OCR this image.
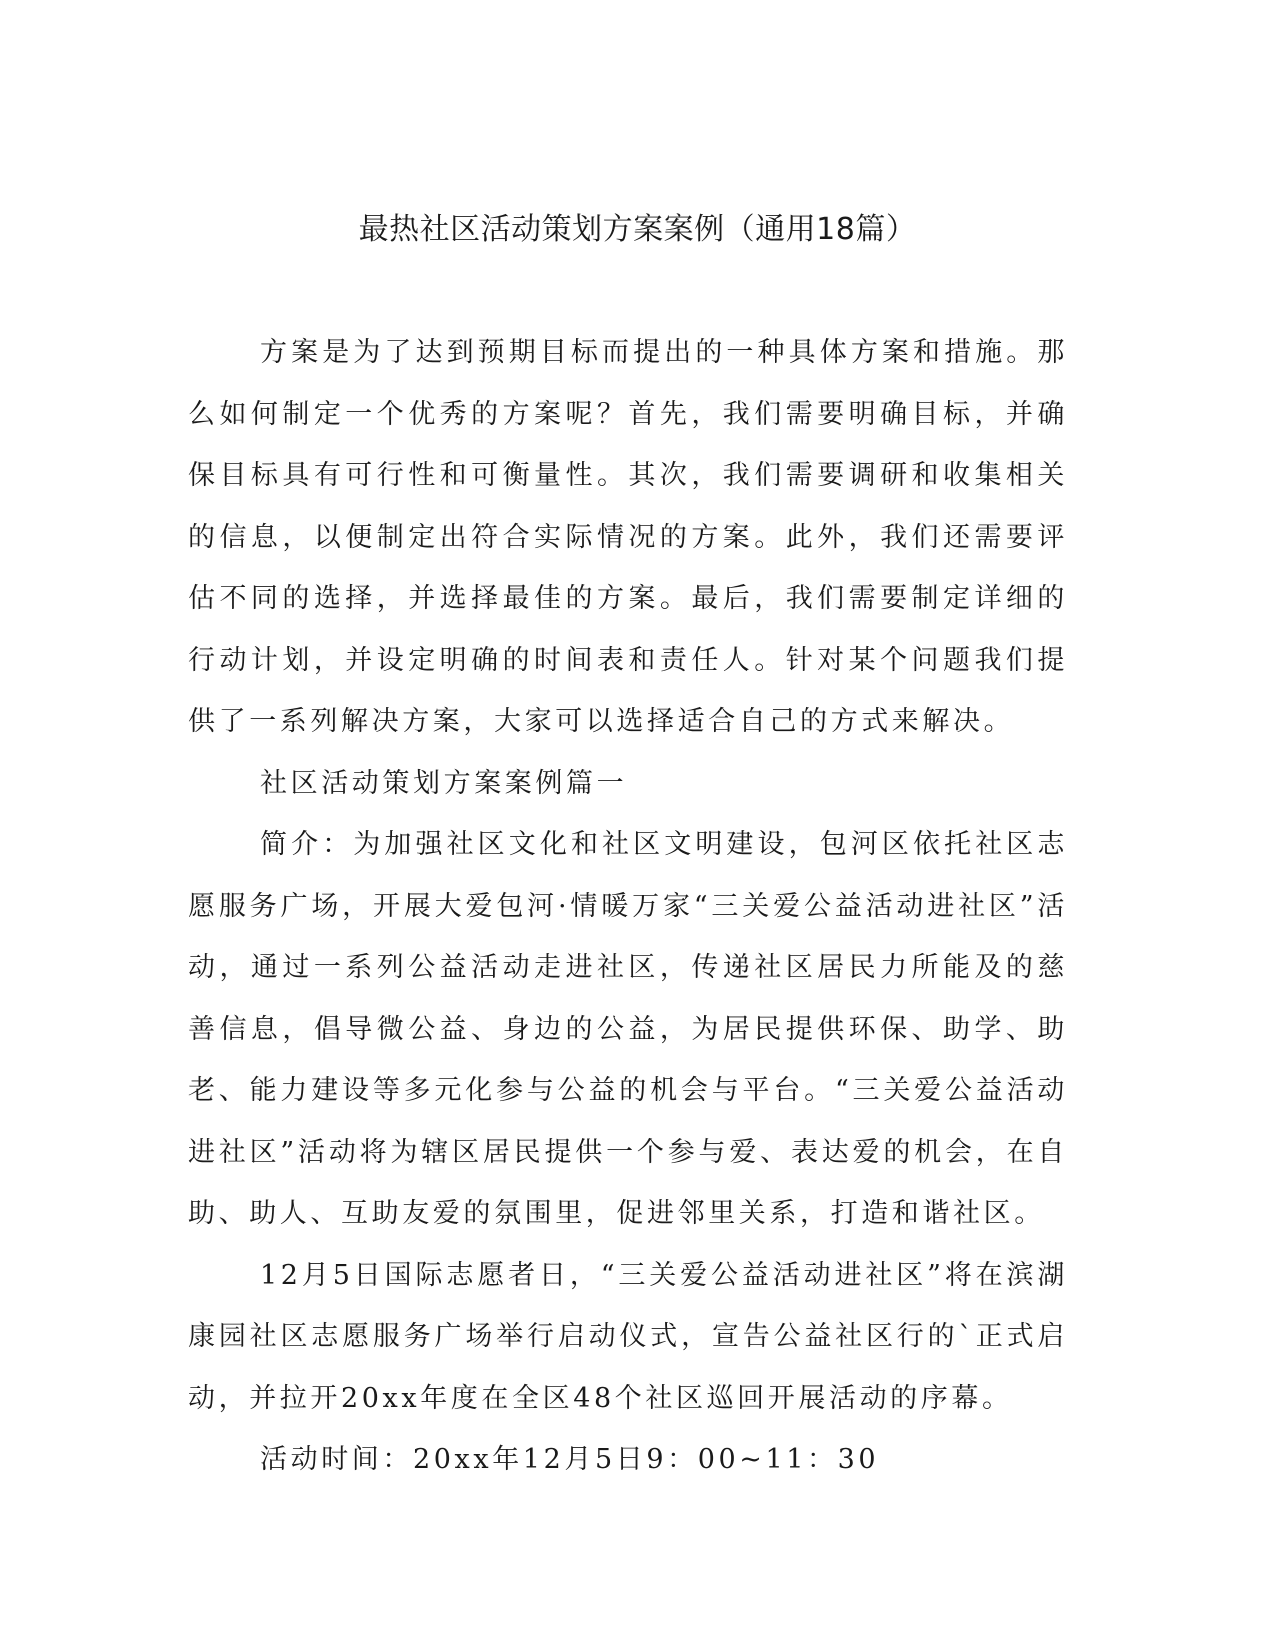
最热社区活动策划方案案例（通用18篇）

方案是为了达到预期目标而提出的一种具体方案和措施。那么如何制定一个优秀的方案呢？首先，我们需要明确目标，并确保目标具有可行性和可衡量性。其次，我们需要调研和收集相关的信息，以便制定出符合实际情况的方案。此外，我们还需要评估不同的选择，并选择最佳的方案。最后，我们需要制定详细的行动计划，并设定明确的时间表和责任人。针对某个问题我们提供了一系列解决方案，大家可以选择适合自己的方式来解决。

社区活动策划方案案例篇一

简介：为加强社区文化和社区文明建设，包河区依托社区志愿服务广场，开展大爱包河·情暖万家“三关爱公益活动进社区”活动，通过一系列公益活动走进社区，传递社区居民力所能及的慈善信息，倡导微公益、身边的公益，为居民提供环保、助学、助老、能力建设等多元化参与公益的机会与平台。“三关爱公益活动进社区”活动将为辖区居民提供一个参与爱、表达爱的机会，在自助、助人、互助友爱的氛围里，促进邻里关系，打造和谐社区。

12月5日国际志愿者日，“三关爱公益活动进社区”将在滨湖康园社区志愿服务广场举行启动仪式，宣告公益社区行的`正式启动，并拉开20xx年度在全区48个社区巡回开展活动的序幕。

活动时间：20xx年12月5日9：00~11：30
